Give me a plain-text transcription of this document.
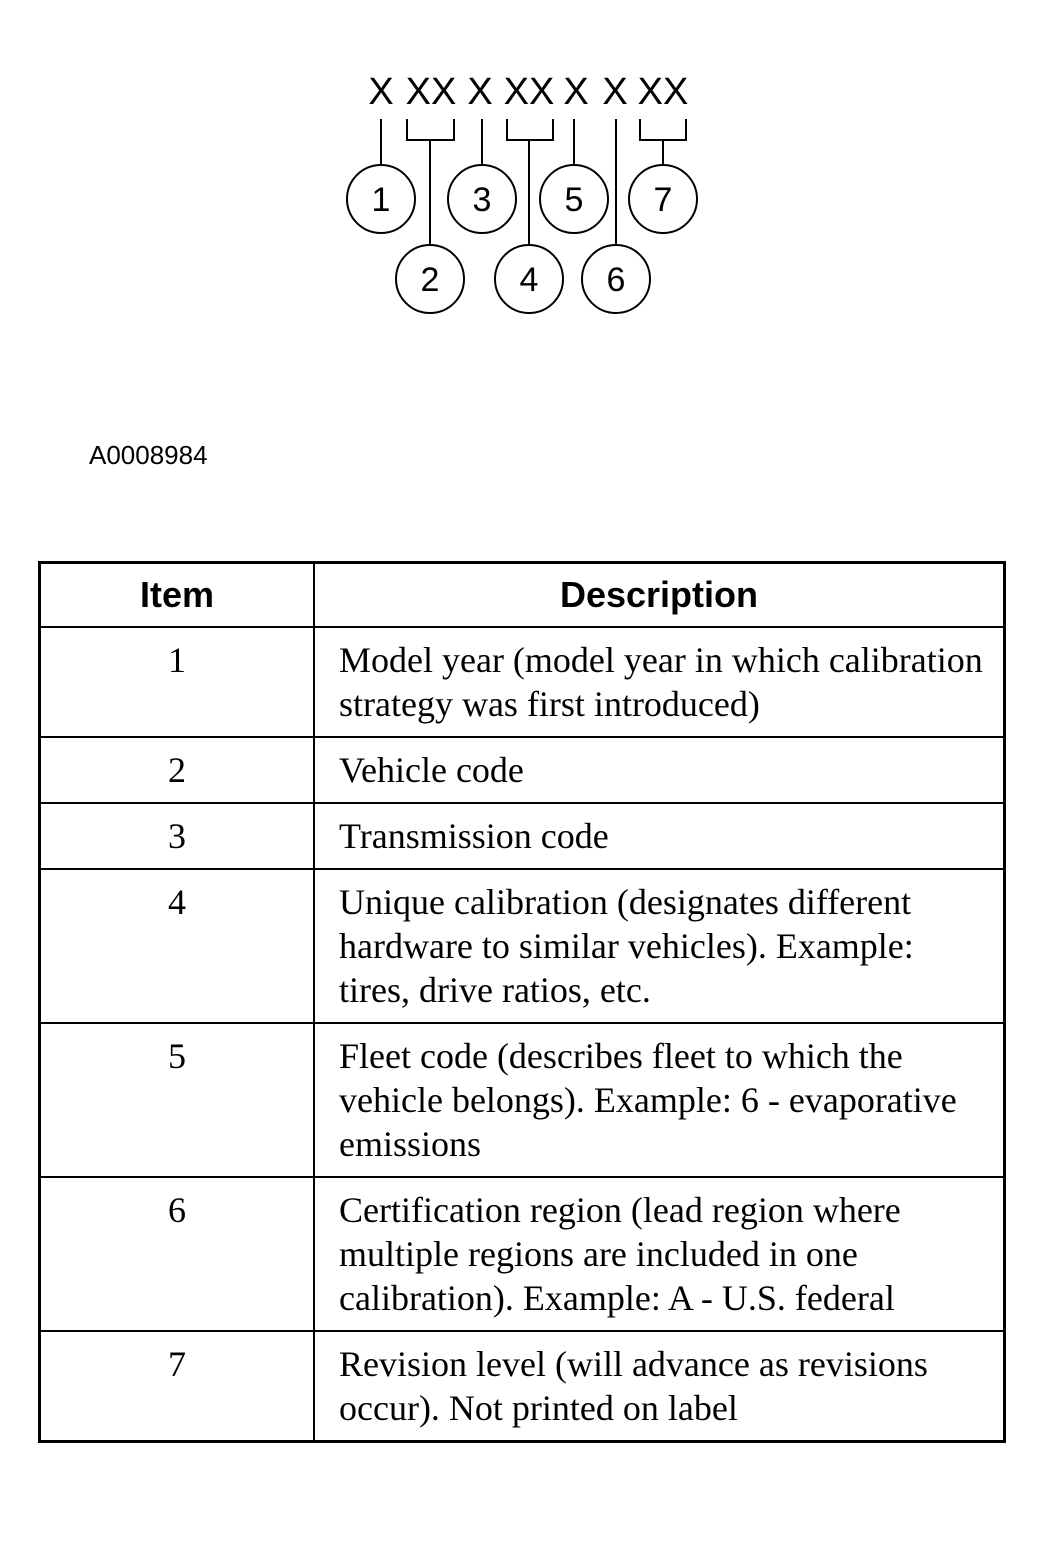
X XX X XX X X XX
1 3 5 7
2 4 6
A0008984
Item	Description
1	Model year (model year in which calibration strategy was first introduced)
2	Vehicle code
3	Transmission code
4	Unique calibration (designates different hardware to similar vehicles). Example: tires, drive ratios, etc.
5	Fleet code (describes fleet to which the vehicle belongs). Example: 6 - evaporative emissions
6	Certification region (lead region where multiple regions are included in one calibration). Example: A - U.S. federal
7	Revision level (will advance as revisions occur). Not printed on label
